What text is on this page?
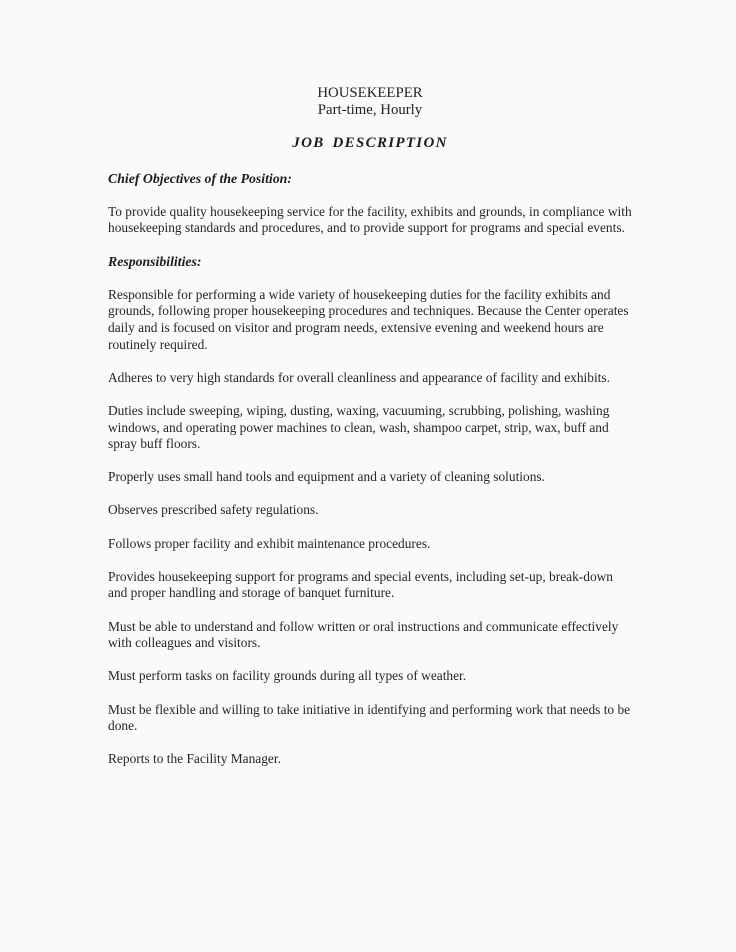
HOUSEKEEPER
Part-time, Hourly
JOB DESCRIPTION
Chief Objectives of the Position:

To provide quality housekeeping service for the facility, exhibits and grounds, in compliance with housekeeping standards and procedures, and to provide support for programs and special events.

Responsibilities:

Responsible for performing a wide variety of housekeeping duties for the facility exhibits and grounds, following proper housekeeping procedures and techniques. Because the Center operates daily and is focused on visitor and program needs, extensive evening and weekend hours are routinely required.

Adheres to very high standards for overall cleanliness and appearance of facility and exhibits.

Duties include sweeping, wiping, dusting, waxing, vacuuming, scrubbing, polishing, washing windows, and operating power machines to clean, wash, shampoo carpet, strip, wax, buff and spray buff floors.

Properly uses small hand tools and equipment and a variety of cleaning solutions.

Observes prescribed safety regulations.

Follows proper facility and exhibit maintenance procedures.

Provides housekeeping support for programs and special events, including set-up, break-down and proper handling and storage of banquet furniture.

Must be able to understand and follow written or oral instructions and communicate effectively with colleagues and visitors.

Must perform tasks on facility grounds during all types of weather.

Must be flexible and willing to take initiative in identifying and performing work that needs to be done.

Reports to the Facility Manager.
